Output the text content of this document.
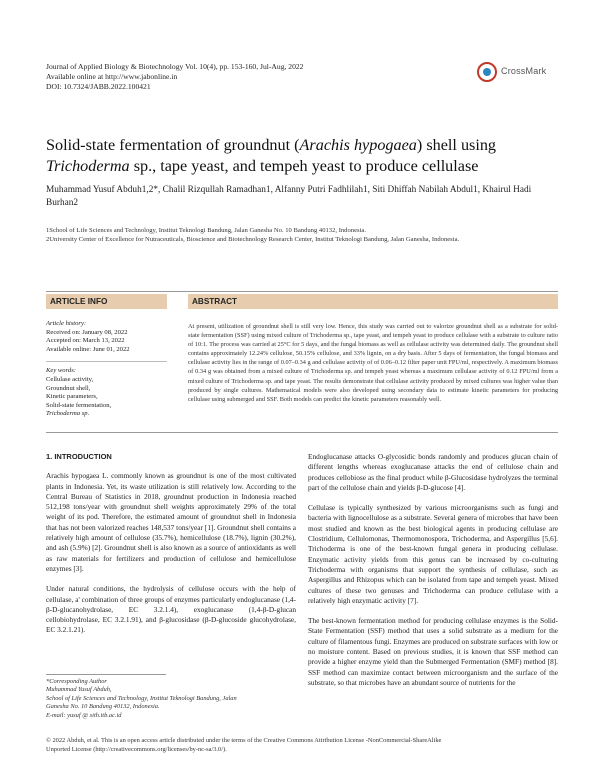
Journal of Applied Biology & Biotechnology Vol. 10(4), pp. 153-160, Jul-Aug, 2022
Available online at http://www.jabonline.in
DOI: 10.7324/JABB.2022.100421
CrossMark
Solid-state fermentation of groundnut (Arachis hypogaea) shell using Trichoderma sp., tape yeast, and tempeh yeast to produce cellulase
Muhammad Yusuf Abduh1,2*, Chalil Rizqullah Ramadhan1, Alfanny Putri Fadhlilah1, Siti Dhiffah Nabilah Abdul1, Khairul Hadi Burhan2
1School of Life Sciences and Technology, Institut Teknologi Bandung, Jalan Ganesha No. 10 Bandung 40132, Indonesia.
2University Center of Excellence for Nutraceuticals, Bioscience and Biotechnology Research Center, Institut Teknologi Bandung, Jalan Ganesha, Indonesia.
ARTICLE INFO	ABSTRACT
Article history:
Received on: January 08, 2022
Accepted on: March 13, 2022
Available online: June 01, 2022
Key words:
Cellulase activity,
Groundnut shell,
Kinetic parameters,
Solid-state fermentation,
Trichoderma sp.
At present, utilization of groundnut shell is still very low. Hence, this study was carried out to valorize groundnut shell as a substrate for solid-state fermentation (SSF) using mixed culture of Trichoderma sp., tape yeast, and tempeh yeast to produce cellulase with a substrate to culture ratio of 10:1. The process was carried at 25°C for 5 days, and the fungal biomass as well as cellulase activity was determined daily. The groundnut shell contains approximately 12.24% cellulose, 50.15% cellulose, and 33% lignin, on a dry basis. After 5 days of fermentation, the fungal biomass and cellulase activity lies in the range of 0.07–0.34 g and cellulase activity of of 0.06–0.12 filter paper unit FPU/ml, respectively. A maximum biomass of 0.34 g was obtained from a mixed culture of Trichoderma sp. and tempeh yeast whereas a maximum cellulase activity of 0.12 FPU/ml from a mixed culture of Trichoderma sp. and tape yeast. The results demonstrate that cellulase activity produced by mixed cultures was higher value than produced by single cultures. Mathematical models were also developed using secondary data to estimate kinetic parameters for producing cellulase using submerged and SSF. Both models can predict the kinetic parameters reasonably well.
1. INTRODUCTION

Arachis hypogaea L. commonly known as groundnut is one of the most cultivated plants in Indonesia. Yet, its waste utilization is still relatively low. According to the Central Bureau of Statistics in 2018, groundnut production in Indonesia reached 512,198 tons/year with groundnut shell weights approximately 29% of the total weight of its pod. Therefore, the estimated amount of groundnut shell in Indonesia that has not been valorized reaches 148,537 tons/year [1]. Groundnut shell contains a relatively high amount of cellulose (35.7%), hemicellulose (18.7%), lignin (30.2%), and ash (5.9%) [2]. Groundnut shell is also known as a source of antioxidants as well as raw materials for fertilizers and production of cellulose and hemicellulose enzymes [3].

Under natural conditions, the hydrolysis of cellulose occurs with the help of cellulase, a' combination of three groups of enzymes particularly endoglucanase (1,4-β-D-glucanohydrolase, EC 3.2.1.4), exoglucanase (1,4-β-D-glucan cellobiohydrolase, EC 3.2.1.91), and β-glucosidase (β-D-glucoside glucohydrolase, EC 3.2.1.21).

*Corresponding Author
Muhammad Yusuf Abduh,
School of Life Sciences and Technology, Institut Teknologi Bandung, Jalan
Ganesha No. 10 Bandung 40132, Indonesia.
E-mail: yusuf @ sith.itb.ac.id

Endoglucanase attacks O-glycosidic bonds randomly and produces glucan chain of different lengths whereas exoglucanase attacks the end of cellulose chain and produces cellobiose as the final product while β-Glucosidase hydrolyzes the terminal part of the cellulose chain and yields β-D-glucose [4].

Cellulase is typically synthesized by various microorganisms such as fungi and bacteria with lignocellulose as a substrate. Several genera of microbes that have been most studied and known as the best biological agents in producing cellulase are Clostridium, Cellulomonas, Thermomonospora, Trichoderma, and Aspergillus [5,6]. Trichoderma is one of the best-known fungal genera in producing cellulase. Enzymatic activity yields from this genus can be increased by co-culturing Trichoderma with organisms that support the synthesis of cellulase, such as Aspergillus and Rhizopus which can be isolated from tape and tempeh yeast. Mixed cultures of these two genuses and Trichoderma can produce cellulase with a relatively high enzymatic activity [7].

The best-known fermentation method for producing cellulase enzymes is the Solid-State Fermentation (SSF) method that uses a solid substrate as a medium for the culture of filamentous fungi. Enzymes are produced on substrate surfaces with low or no moisture content. Based on previous studies, it is known that SSF method can provide a higher enzyme yield than the Submerged Fermentation (SMF) method [8]. SSF method can maximize contact between microorganism and the surface of the substrate, so that microbes have an abundant source of nutrients for the

© 2022 Abduh, et al. This is an open access article distributed under the terms of the Creative Commons Attribution License -NonCommercial-ShareAlike
Unported License (http://creativecommons.org/licenses/by-nc-sa/3.0/).
